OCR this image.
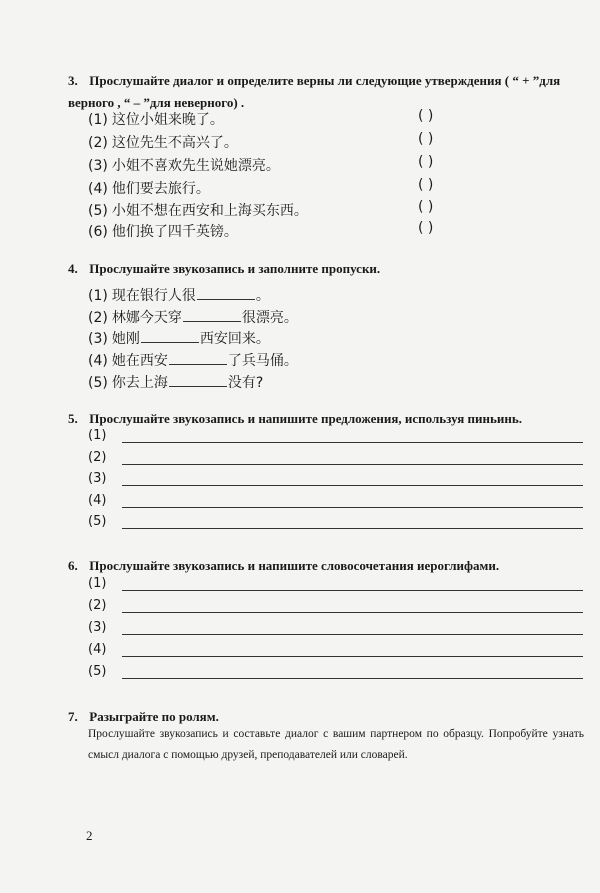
3. Прослушайте диалог и определите верны ли следующие утверждения ( “ + ”для верного , “ – ”для неверного) .
(1) 这位小姐来晚了。	( )
(2) 这位先生不高兴了。	( )
(3) 小姐不喜欢先生说她漂亮。	( )
(4) 他们要去旅行。	( )
(5) 小姐不想在西安和上海买东西。	( )
(6) 他们换了四千英镑。	( )
4. Прослушайте звукозапись и заполните пропуски.
(1) 现在银行人很	。
(2) 林娜今天穿	很漂亮。
(3) 她刚	西安回来。
(4) 她在西安	了兵马俑。
(5) 你去上海	没有?
5. Прослушайте звукозапись и напишите предложения, используя пиньинь.
(1)
(2)
(3)
(4)
(5)
6. Прослушайте звукозапись и напишите словосочетания иероглифами.
(1)
(2)
(3)
(4)
(5)
7. Разыграйте по ролям.
Прослушайте звукозапись и составьте диалог с вашим партнером по образцу. Попробуйте узнать смысл диалога с помощью друзей, преподавателей или словарей.
2
